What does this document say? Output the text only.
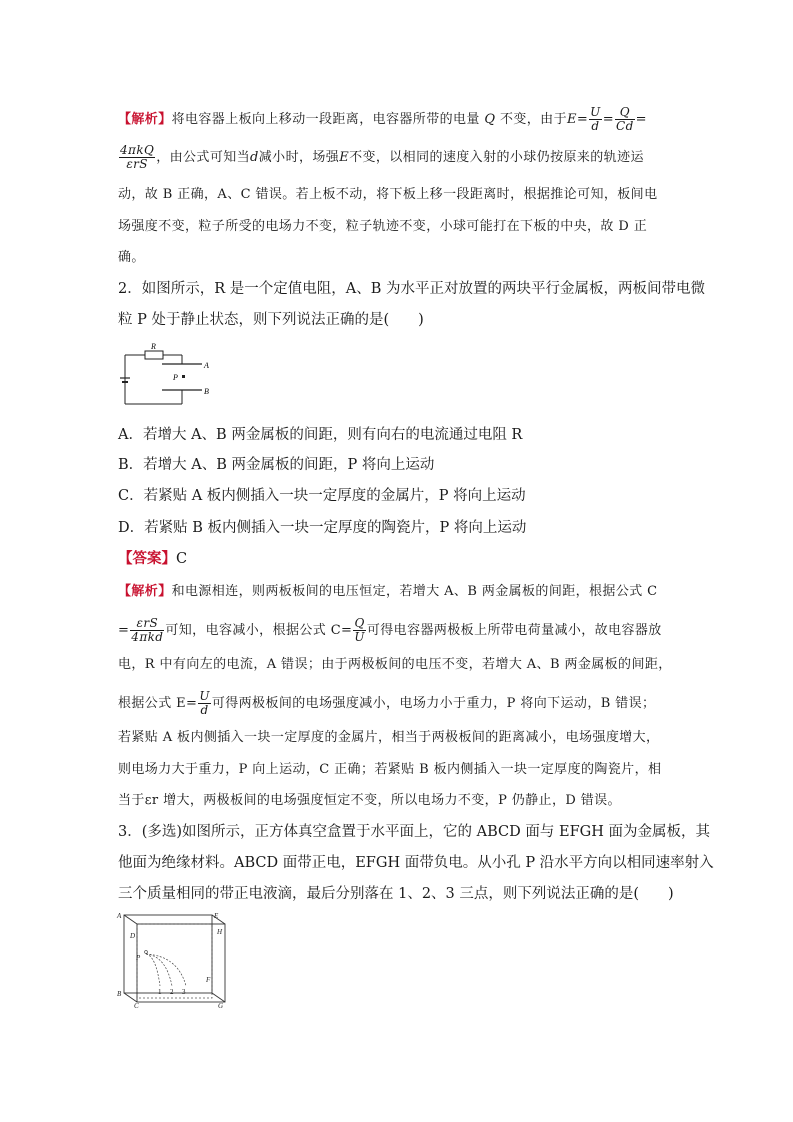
【解析】将电容器上板向上移动一段距离，电容器所带的电量 Q 不变，由于$E= \frac{U}{d} = \frac{Q}{Cd}$ =
$\frac{\text{4πkQ}}{\text{εrS}}$ ，由公式可知当d减小时，场强E不变，以相同的速度入射的小球仍按原来的轨迹运
动，故 B 正确，A、C 错误。若上板不动，将下板上移一段距离时，根据推论可知，板间电
场强度不变，粒子所受的电场力不变，粒子轨迹不变，小球可能打在下板的中央，故 D 正
确。
2．如图所示，R 是一个定值电阻，A、B 为水平正对放置的两块平行金属板，两板间带电微
粒 P 处于静止状态，则下列说法正确的是(　　)
R
P
A
B
A．若增大 A、B 两金属板的间距，则有向右的电流通过电阻 R
B．若增大 A、B 两金属板的间距，P 将向上运动
C．若紧贴 A 板内侧插入一块一定厚度的金属片，P 将向上运动
D．若紧贴 B 板内侧插入一块一定厚度的陶瓷片，P 将向上运动
【答案】C
【解析】和电源相连，则两板板间的电压恒定，若增大 A、B 两金属板的间距，根据公式 C
= $\frac{\text{εrS}}{\text{4πkd}}$ 可知，电容减小，根据公式 $C= \frac{Q}{U}$ 可得电容器两极板上所带电荷量减小，故电容器放
电，R 中有向左的电流，A 错误；由于两极板间的电压不变，若增大 A、B 两金属板的间距，
根据公式 $E= \frac{U}{d}$ 可得两极板间的电场强度减小，电场力小于重力，P 将向下运动，B 错误；
若紧贴 A 板内侧插入一块一定厚度的金属片，相当于两极板间的距离减小，电场强度增大，
则电场力大于重力，P 向上运动，C 正确；若紧贴 B 板内侧插入一块一定厚度的陶瓷片，相
当于εr 增大，两极板间的电场强度恒定不变，所以电场力不变，P 仍静止，D 错误。
3．(多选)如图所示，正方体真空盒置于水平面上，它的 ABCD 面与 EFGH 面为金属板，其
他面为绝缘材料。ABCD 面带正电，EFGH 面带负电。从小孔 P 沿水平方向以相同速率射入
三个质量相同的带正电液滴，最后分别落在 1、2、3 三点，则下列说法正确的是(　　)
A	E
D	H
P
F
B
C	G
1 2 3
